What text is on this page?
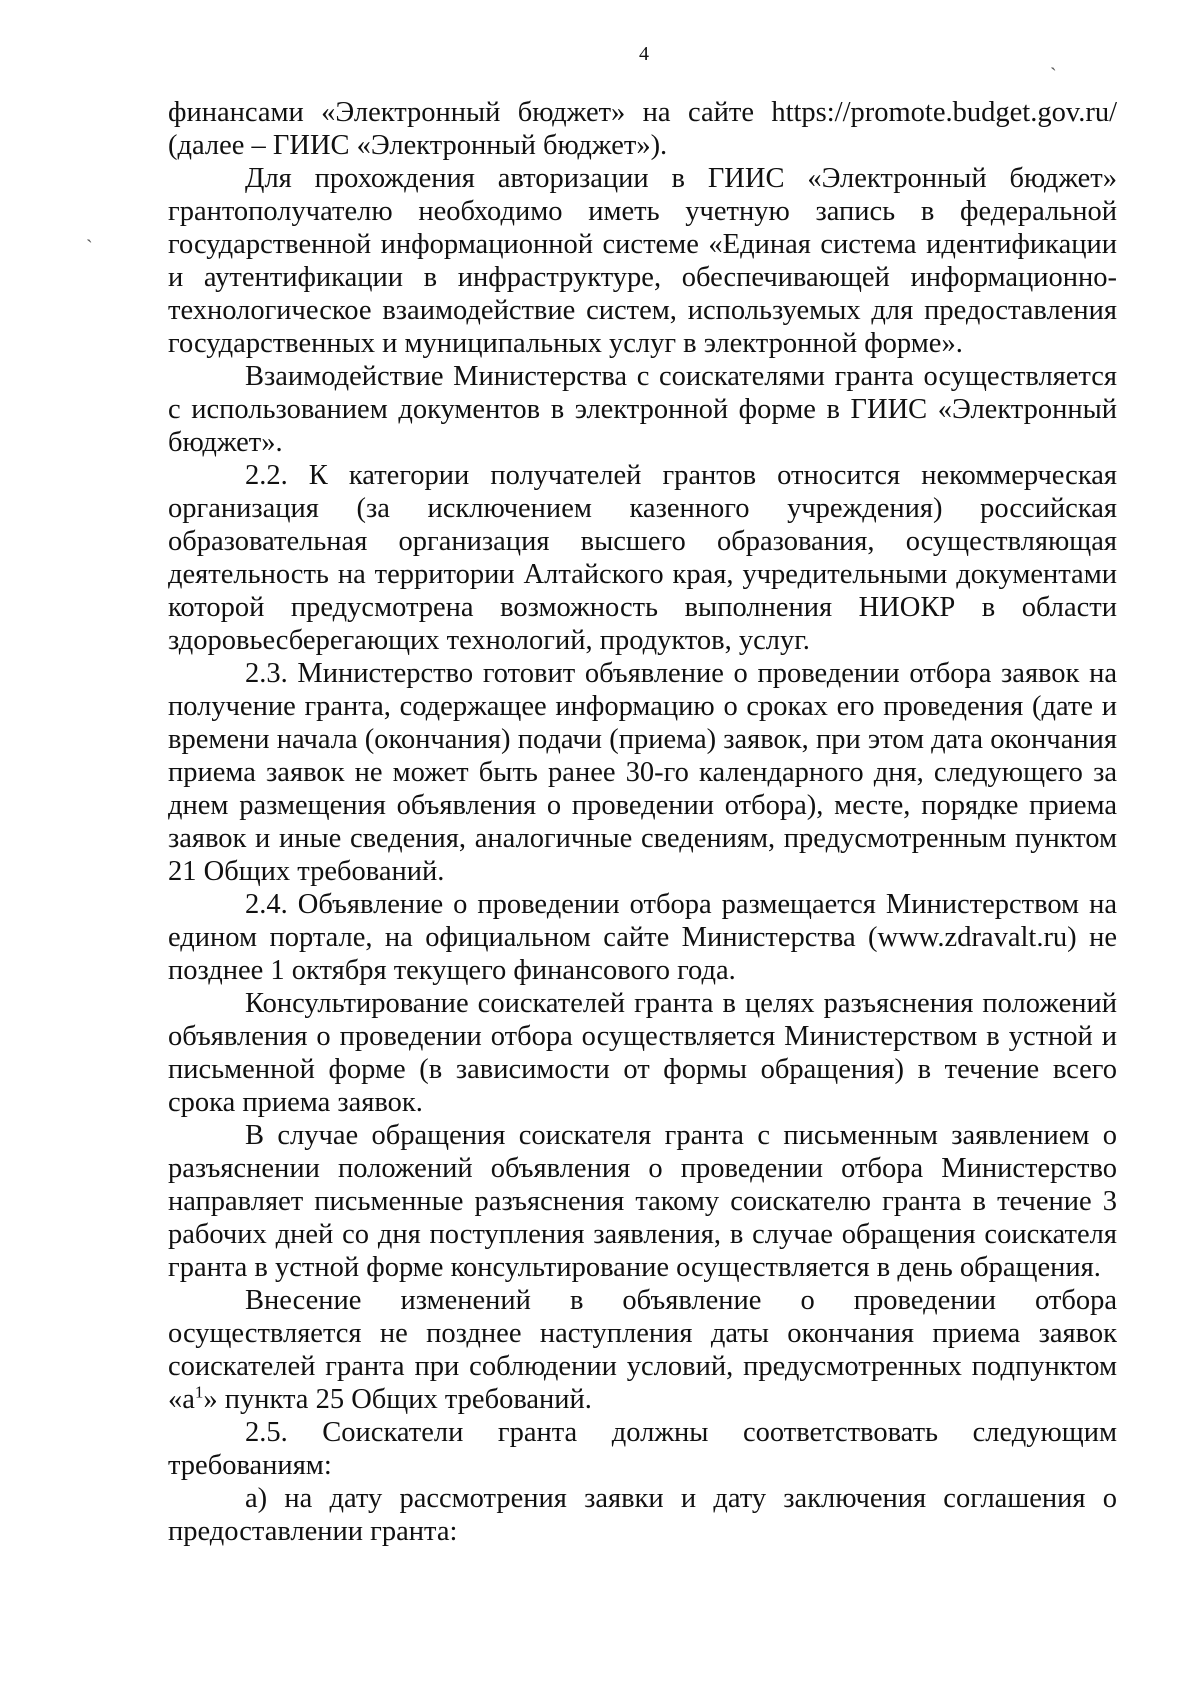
4	ˏ
ˏ

финансами «Электронный бюджет» на сайте https://promote.budget.gov.ru/ (далее – ГИИС «Электронный бюджет»).

Для прохождения авторизации в ГИИС «Электронный бюджет» грантополучателю необходимо иметь учетную запись в федеральной государственной информационной системе «Единая система идентификации и аутентификации в инфраструктуре, обеспечивающей информационно-технологическое взаимодействие систем, используемых для предоставления государственных и муниципальных услуг в электронной форме».

Взаимодействие Министерства с соискателями гранта осуществляется с использованием документов в электронной форме в ГИИС «Электронный бюджет».

2.2. К категории получателей грантов относится некоммерческая организация (за исключением казенного учреждения) российская образовательная организация высшего образования, осуществляющая деятельность на территории Алтайского края, учредительными документами которой предусмотрена возможность выполнения НИОКР в области здоровьесберегающих технологий, продуктов, услуг.

2.3. Министерство готовит объявление о проведении отбора заявок на получение гранта, содержащее информацию о сроках его проведения (дате и времени начала (окончания) подачи (приема) заявок, при этом дата окончания приема заявок не может быть ранее 30-го календарного дня, следующего за днем размещения объявления о проведении отбора), месте, порядке приема заявок и иные сведения, аналогичные сведениям, предусмотренным пунктом 21 Общих требований.

2.4. Объявление о проведении отбора размещается Министерством на едином портале, на официальном сайте Министерства (www.zdravalt.ru) не позднее 1 октября текущего финансового года.

Консультирование соискателей гранта в целях разъяснения положений объявления о проведении отбора осуществляется Министерством в устной и письменной форме (в зависимости от формы обращения) в течение всего срока приема заявок.

В случае обращения соискателя гранта с письменным заявлением о разъяснении положений объявления о проведении отбора Министерство направляет письменные разъяснения такому соискателю гранта в течение 3 рабочих дней со дня поступления заявления, в случае обращения соискателя гранта в устной форме консультирование осуществляется в день обращения.

Внесение изменений в объявление о проведении отбора осуществляется не позднее наступления даты окончания приема заявок соискателей гранта при соблюдении условий, предусмотренных подпунктом «$а^1$» пункта 25 Общих требований.

2.5. Соискатели гранта должны соответствовать следующим требованиям:

а) на дату рассмотрения заявки и дату заключения соглашения о предоставлении гранта:
